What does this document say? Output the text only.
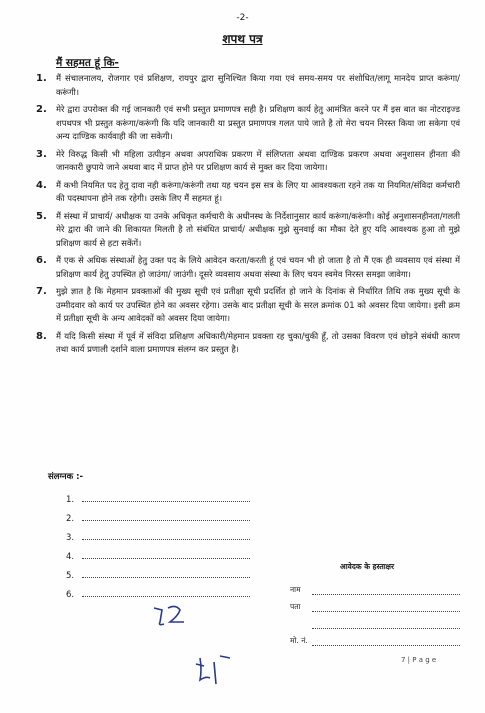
-2-
शपथ पत्र
मैं सहमत हूं कि-
1. मैं संचालनालय, रोजगार एवं प्रशिक्षण, रायपुर द्वारा सुनिश्चित किया गया एवं समय-समय पर संशोधित/लागू मानदेय प्राप्त करूंगा/करूंगी।
2. मेरे द्वारा उपरोक्त की गई जानकारी एवं सभी प्रस्तुत प्रमाणपत्र सही है। प्रशिक्षण कार्य हेतु आमंत्रित करने पर मैं इस बात का नोटराइज्ड शपथपत्र भी प्रस्तुत करूंगा/करूंगी कि यदि जानकारी या प्रस्तुत प्रमाणपत्र गलत पाये जाते है तो मेरा चयन निरस्त किया जा सकेगा एवं अन्य दाण्डिक कार्यवाही की जा सकेगी।
3. मेरे विरुद्ध किसी भी महिला उत्पीड़न अथवा अपराधिक प्रकरण में संलिप्तता अथवा दाण्डिक प्रकरण अथवा अनुशासन हीनता की जानकारी छुपाये जाने अथवा बाद में प्राप्त होने पर प्रशिक्षण कार्य से मुक्त कर दिया जायेगा।
4. मैं कभी नियमित पद हेतु दावा नही करूंगा/करूंगी तथा यह चयन इस सत्र के लिए या आवश्यकता रहने तक या नियमित/संविदा कर्मचारी की पदस्थापना होने तक रहेगी। उसके लिए मैं सहमत हूं।
5. मैं संस्था में प्राचार्य/ अधीक्षक या उनके अधिकृत कर्मचारी के अधीनस्थ के निर्देशानुसार कार्य करूंगा/करूंगी। कोई अनुशासनहीनता/गलती मेरे द्वारा की जाने की शिकायत मिलती है तो संबंधित प्राचार्य/ अधीक्षक मुझे सुनवाई का मौका देते हुए यदि आवश्यक हुआ तो मुझे प्रशिक्षण कार्य से हटा सकेंगें।
6. मैं एक से अधिक संस्थाओं हेतु उक्त पद के लिये आवेदन करता/करती हूं एवं चयन भी हो जाता है तो मैं एक ही व्यवसाय एवं संस्था में प्रशिक्षण कार्य हेतु उपस्थित हो जाउंगा/ जाउंगी। दूसरे व्यवसाय अथवा संस्था के लिए चयन स्वमेव निरस्त समझा जावेगा।
7. मुझे ज्ञात है कि मेहमान प्रवक्ताओं की मुख्य सूची एवं प्रतीक्षा सूची प्रदर्शित हो जाने के दिनांक से निर्धारित तिथि तक मुख्य सूची के उम्मीदवार को कार्य पर उपस्थित होने का अवसर रहेगा। उसके बाद प्रतीक्षा सूची के सरल क्रमांक 01 को अवसर दिया जायेगा। इसी क्रम में प्रतीक्षा सूची के अन्य आवेदकों को अवसर दिया जायेगा।
8. मैं यदि किसी संस्था में पूर्व में संविदा प्रशिक्षण अधिकारी/मेहमान प्रवक्ता रह चुका/चुकी हूँ, तो उसका विवरण एवं छोड़ने संबंधी कारण तथा कार्य प्रणाली दर्शाने वाला प्रमाणपत्र संलग्न कर प्रस्तुत है।
संलग्नक :-
1.
2.
3.
4.
5.
6.
आवेदक के हस्ताक्षर
नाम
पता
मो. नं.
7 | P a g e
